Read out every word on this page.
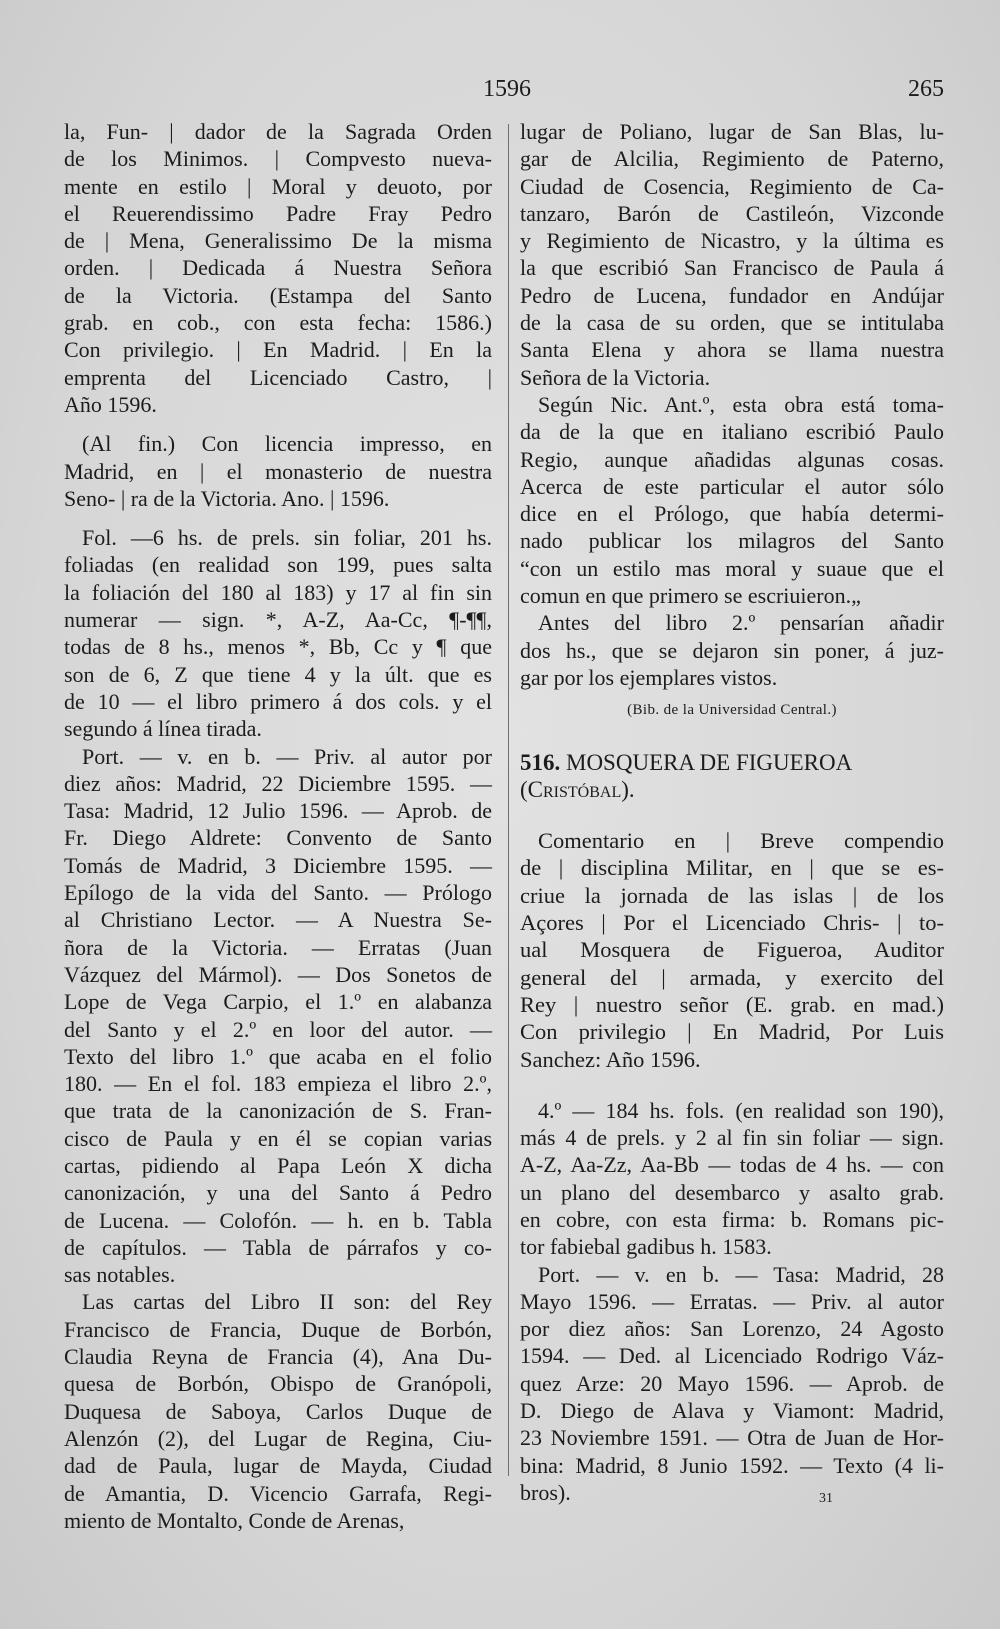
1596	265

la, Fun- | dador de la Sagrada Orden

de los Minimos. | Compvesto nueva-

mente en estilo | Moral y deuoto, por

el Reuerendissimo Padre Fray Pedro

de | Mena, Generalissimo De la misma

orden. | Dedicada á Nuestra Señora

de la Victoria. (Estampa del Santo

grab. en cob., con esta fecha: 1586.)

Con privilegio. | En Madrid. | En la

emprenta del Licenciado Castro, |

Año 1596.

(Al fin.) Con licencia impresso, en

Madrid, en | el monasterio de nuestra

Seno- | ra de la Victoria. Ano. | 1596.

Fol. —6 hs. de prels. sin foliar, 201 hs.

foliadas (en realidad son 199, pues salta

la foliación del 180 al 183) y 17 al fin sin

numerar — sign. *, A-Z, Aa-Cc, ¶-¶¶,

todas de 8 hs., menos *, Bb, Cc y ¶ que

son de 6, Z que tiene 4 y la últ. que es

de 10 — el libro primero á dos cols. y el

segundo á línea tirada.

Port. — v. en b. — Priv. al autor por

diez años: Madrid, 22 Diciembre 1595. —

Tasa: Madrid, 12 Julio 1596. — Aprob. de

Fr. Diego Aldrete: Convento de Santo

Tomás de Madrid, 3 Diciembre 1595. —

Epílogo de la vida del Santo. — Prólogo

al Christiano Lector. — A Nuestra Se-

ñora de la Victoria. — Erratas (Juan

Vázquez del Mármol). — Dos Sonetos de

Lope de Vega Carpio, el 1.º en alabanza

del Santo y el 2.º en loor del autor. —

Texto del libro 1.º que acaba en el folio

180. — En el fol. 183 empieza el libro 2.º,

que trata de la canonización de S. Fran-

cisco de Paula y en él se copian varias

cartas, pidiendo al Papa León X dicha

canonización, y una del Santo á Pedro

de Lucena. — Colofón. — h. en b. Tabla

de capítulos. — Tabla de párrafos y co-

sas notables.

Las cartas del Libro II son: del Rey

Francisco de Francia, Duque de Borbón,

Claudia Reyna de Francia (4), Ana Du-

quesa de Borbón, Obispo de Granópoli,

Duquesa de Saboya, Carlos Duque de

Alenzón (2), del Lugar de Regina, Ciu-

dad de Paula, lugar de Mayda, Ciudad

de Amantia, D. Vicencio Garrafa, Regi-

miento de Montalto, Conde de Arenas,

lugar de Poliano, lugar de San Blas, lu-

gar de Alcilia, Regimiento de Paterno,

Ciudad de Cosencia, Regimiento de Ca-

tanzaro, Barón de Castileón, Vizconde

y Regimiento de Nicastro, y la última es

la que escribió San Francisco de Paula á

Pedro de Lucena, fundador en Andújar

de la casa de su orden, que se intitulaba

Santa Elena y ahora se llama nuestra

Señora de la Victoria.

Según Nic. Ant.º, esta obra está toma-

da de la que en italiano escribió Paulo

Regio, aunque añadidas algunas cosas.

Acerca de este particular el autor sólo

dice en el Prólogo, que había determi-

nado publicar los milagros del Santo

“con un estilo mas moral y suaue que el

comun en que primero se escriuieron.„

Antes del libro 2.º pensarían añadir

dos hs., que se dejaron sin poner, á juz-

gar por los ejemplares vistos.

(Bib. de la Universidad Central.)

516. MOSQUERA DE FIGUEROA

(Cristóbal).

Comentario en | Breve compendio

de | disciplina Militar, en | que se es-

criue la jornada de las islas | de los

Açores | Por el Licenciado Chris- | to-

ual Mosquera de Figueroa, Auditor

general del | armada, y exercito del

Rey | nuestro señor (E. grab. en mad.)

Con privilegio | En Madrid, Por Luis

Sanchez: Año 1596.

4.º — 184 hs. fols. (en realidad son 190),

más 4 de prels. y 2 al fin sin foliar — sign.

A-Z, Aa-Zz, Aa-Bb — todas de 4 hs. — con

un plano del desembarco y asalto grab.

en cobre, con esta firma: b. Romans pic-

tor fabiebal gadibus h. 1583.

Port. — v. en b. — Tasa: Madrid, 28

Mayo 1596. — Erratas. — Priv. al autor

por diez años: San Lorenzo, 24 Agosto

1594. — Ded. al Licenciado Rodrigo Váz-

quez Arze: 20 Mayo 1596. — Aprob. de

D. Diego de Alava y Viamont: Madrid,

23 Noviembre 1591. — Otra de Juan de Hor-

bina: Madrid, 8 Junio 1592. — Texto (4 li-

bros).	31
